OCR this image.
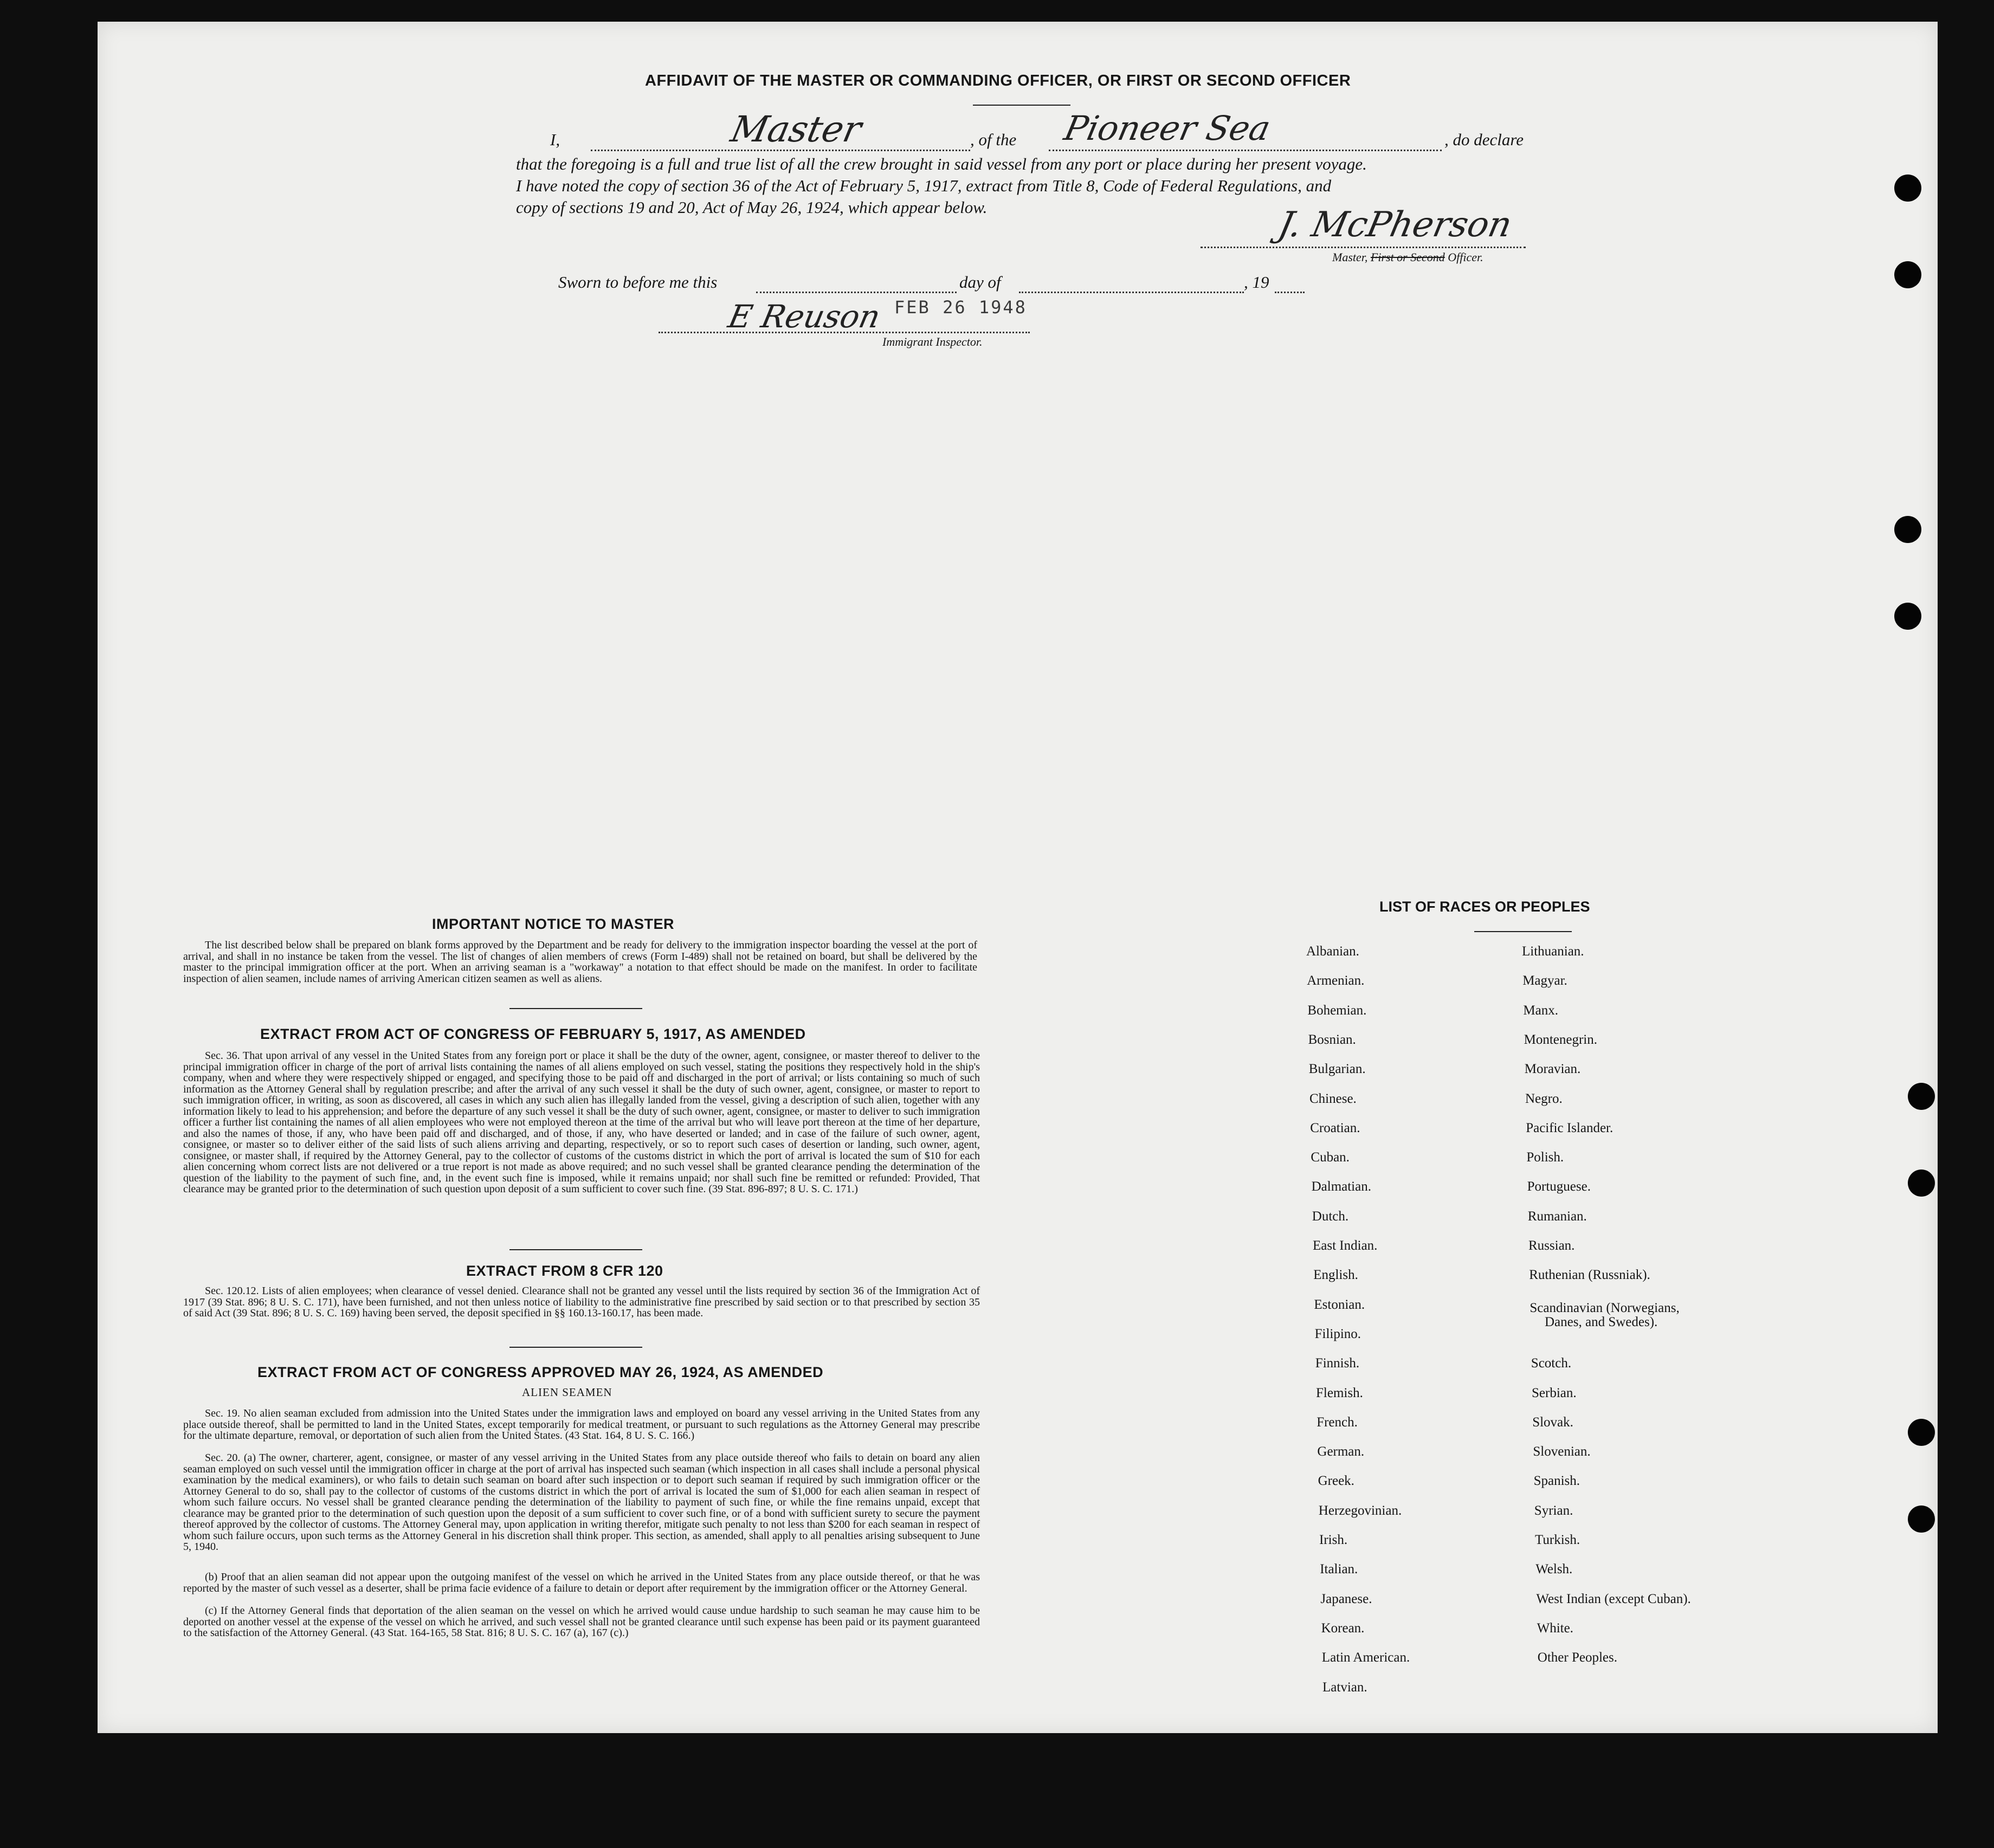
AFFIDAVIT OF THE MASTER OR COMMANDING OFFICER, OR FIRST OR SECOND OFFICER
I,	Master	, of the Pioneer Sea	, do declare
that the foregoing is a full and true list of all the crew brought in said vessel from any port or place during her present voyage.
I have noted the copy of section 36 of the Act of February 5, 1917, extract from Title 8, Code of Federal Regulations, and
copy of sections 19 and 20, Act of May 26, 1924, which appear below.	J. McPherson
Master, First or Second Officer.
Sworn to before me this	day of	, 19
E Reuson FEB 26 1948
Immigrant Inspector.
IMPORTANT NOTICE TO MASTER
The list described below shall be prepared on blank forms approved by the Department and be ready for delivery to the immigration inspector boarding the vessel at the port of arrival, and shall in no instance be taken from the vessel. The list of changes of alien members of crews (Form I-489) shall not be retained on board, but shall be delivered by the master to the principal immigration officer at the port. When an arriving seaman is a "workaway" a notation to that effect should be made on the manifest. In order to facilitate inspection of alien seamen, include names of arriving American citizen seamen as well as aliens.
EXTRACT FROM ACT OF CONGRESS OF FEBRUARY 5, 1917, AS AMENDED
Sec. 36. That upon arrival of any vessel in the United States from any foreign port or place it shall be the duty of the owner, agent, consignee, or master thereof to deliver to the principal immigration officer in charge of the port of arrival lists containing the names of all aliens employed on such vessel, stating the positions they respectively hold in the ship's company, when and where they were respectively shipped or engaged, and specifying those to be paid off and discharged in the port of arrival; or lists containing so much of such information as the Attorney General shall by regulation prescribe; and after the arrival of any such vessel it shall be the duty of such owner, agent, consignee, or master to report to such immigration officer, in writing, as soon as discovered, all cases in which any such alien has illegally landed from the vessel, giving a description of such alien, together with any information likely to lead to his apprehension; and before the departure of any such vessel it shall be the duty of such owner, agent, consignee, or master to deliver to such immigration officer a further list containing the names of all alien employees who were not employed thereon at the time of the arrival but who will leave port thereon at the time of her departure, and also the names of those, if any, who have been paid off and discharged, and of those, if any, who have deserted or landed; and in case of the failure of such owner, agent, consignee, or master so to deliver either of the said lists of such aliens arriving and departing, respectively, or so to report such cases of desertion or landing, such owner, agent, consignee, or master shall, if required by the Attorney General, pay to the collector of customs of the customs district in which the port of arrival is located the sum of $10 for each alien concerning whom correct lists are not delivered or a true report is not made as above required; and no such vessel shall be granted clearance pending the determination of the question of the liability to the payment of such fine, and, in the event such fine is imposed, while it remains unpaid; nor shall such fine be remitted or refunded: Provided, That clearance may be granted prior to the determination of such question upon deposit of a sum sufficient to cover such fine. (39 Stat. 896-897; 8 U. S. C. 171.)
EXTRACT FROM 8 CFR 120
Sec. 120.12. Lists of alien employees; when clearance of vessel denied. Clearance shall not be granted any vessel until the lists required by section 36 of the Immigration Act of 1917 (39 Stat. 896; 8 U. S. C. 171), have been furnished, and not then unless notice of liability to the administrative fine prescribed by said section or to that prescribed by section 35 of said Act (39 Stat. 896; 8 U. S. C. 169) having been served, the deposit specified in §§ 160.13-160.17, has been made.
EXTRACT FROM ACT OF CONGRESS APPROVED MAY 26, 1924, AS AMENDED
ALIEN SEAMEN
Sec. 19. No alien seaman excluded from admission into the United States under the immigration laws and employed on board any vessel arriving in the United States from any place outside thereof, shall be permitted to land in the United States, except temporarily for medical treatment, or pursuant to such regulations as the Attorney General may prescribe for the ultimate departure, removal, or deportation of such alien from the United States. (43 Stat. 164, 8 U. S. C. 166.)
Sec. 20. (a) The owner, charterer, agent, consignee, or master of any vessel arriving in the United States from any place outside thereof who fails to detain on board any alien seaman employed on such vessel until the immigration officer in charge at the port of arrival has inspected such seaman (which inspection in all cases shall include a personal physical examination by the medical examiners), or who fails to detain such seaman on board after such inspection or to deport such seaman if required by such immigration officer or the Attorney General to do so, shall pay to the collector of customs of the customs district in which the port of arrival is located the sum of $1,000 for each alien seaman in respect of whom such failure occurs. No vessel shall be granted clearance pending the determination of the liability to payment of such fine, or while the fine remains unpaid, except that clearance may be granted prior to the determination of such question upon the deposit of a sum sufficient to cover such fine, or of a bond with sufficient surety to secure the payment thereof approved by the collector of customs. The Attorney General may, upon application in writing therefor, mitigate such penalty to not less than $200 for each seaman in respect of whom such failure occurs, upon such terms as the Attorney General in his discretion shall think proper. This section, as amended, shall apply to all penalties arising subsequent to June 5, 1940.
(b) Proof that an alien seaman did not appear upon the outgoing manifest of the vessel on which he arrived in the United States from any place outside thereof, or that he was reported by the master of such vessel as a deserter, shall be prima facie evidence of a failure to detain or deport after requirement by the immigration officer or the Attorney General.
(c) If the Attorney General finds that deportation of the alien seaman on the vessel on which he arrived would cause undue hardship to such seaman he may cause him to be deported on another vessel at the expense of the vessel on which he arrived, and such vessel shall not be granted clearance until such expense has been paid or its payment guaranteed to the satisfaction of the Attorney General. (43 Stat. 164-165, 58 Stat. 816; 8 U. S. C. 167 (a), 167 (c).)
LIST OF RACES OR PEOPLES
Albanian.
Armenian.
Bohemian.
Bosnian.
Bulgarian.
Chinese.
Croatian.
Cuban.
Dalmatian.
Dutch.
East Indian.
English.
Estonian.
Filipino.
Finnish.
Flemish.
French.
German.
Greek.
Herzegovinian.
Irish.
Italian.
Japanese.
Korean.
Latin American.
Latvian.
Lithuanian.
Magyar.
Manx.
Montenegrin.
Moravian.
Negro.
Pacific Islander.
Polish.
Portuguese.
Rumanian.
Russian.
Ruthenian (Russniak).
Scandinavian (Norwegians,
Danes, and Swedes).
Scotch.
Serbian.
Slovak.
Slovenian.
Spanish.
Syrian.
Turkish.
Welsh.
West Indian (except Cuban).
White.
Other Peoples.
